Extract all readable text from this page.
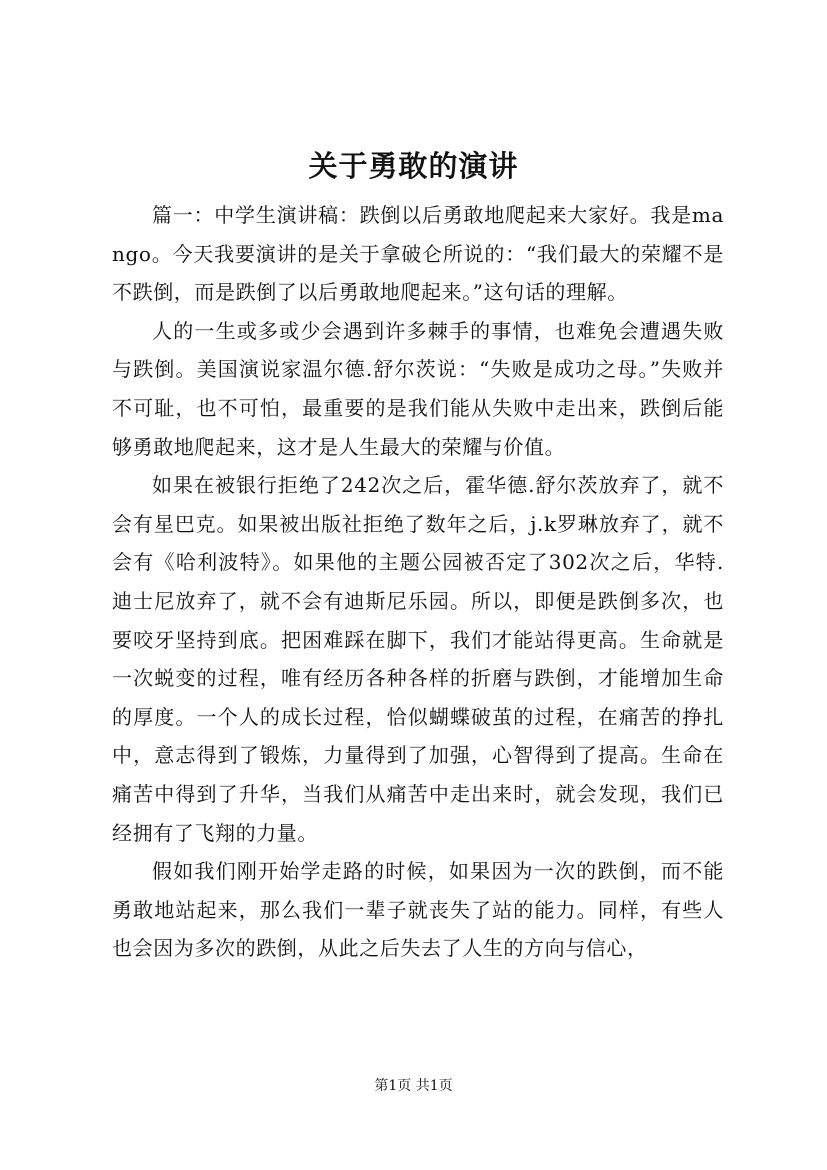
关于勇敢的演讲

篇一：中学生演讲稿：跌倒以后勇敢地爬起来大家好。我是mango。今天我要演讲的是关于拿破仑所说的：“我们最大的荣耀不是不跌倒，而是跌倒了以后勇敢地爬起来。”这句话的理解。

人的一生或多或少会遇到许多棘手的事情，也难免会遭遇失败与跌倒。美国演说家温尔德.舒尔茨说：“失败是成功之母。”失败并不可耻，也不可怕，最重要的是我们能从失败中走出来，跌倒后能够勇敢地爬起来，这才是人生最大的荣耀与价值。

如果在被银行拒绝了242次之后，霍华德.舒尔茨放弃了，就不会有星巴克。如果被出版社拒绝了数年之后，j.k罗琳放弃了，就不会有《哈利波特》。如果他的主题公园被否定了302次之后，华特.迪士尼放弃了，就不会有迪斯尼乐园。所以，即便是跌倒多次，也要咬牙坚持到底。把困难踩在脚下，我们才能站得更高。生命就是一次蜕变的过程，唯有经历各种各样的折磨与跌倒，才能增加生命的厚度。一个人的成长过程，恰似蝴蝶破茧的过程，在痛苦的挣扎中，意志得到了锻炼，力量得到了加强，心智得到了提高。生命在痛苦中得到了升华，当我们从痛苦中走出来时，就会发现，我们已经拥有了飞翔的力量。

假如我们刚开始学走路的时候，如果因为一次的跌倒，而不能勇敢地站起来，那么我们一辈子就丧失了站的能力。同样，有些人也会因为多次的跌倒，从此之后失去了人生的方向与信心，

第1页 共1页
